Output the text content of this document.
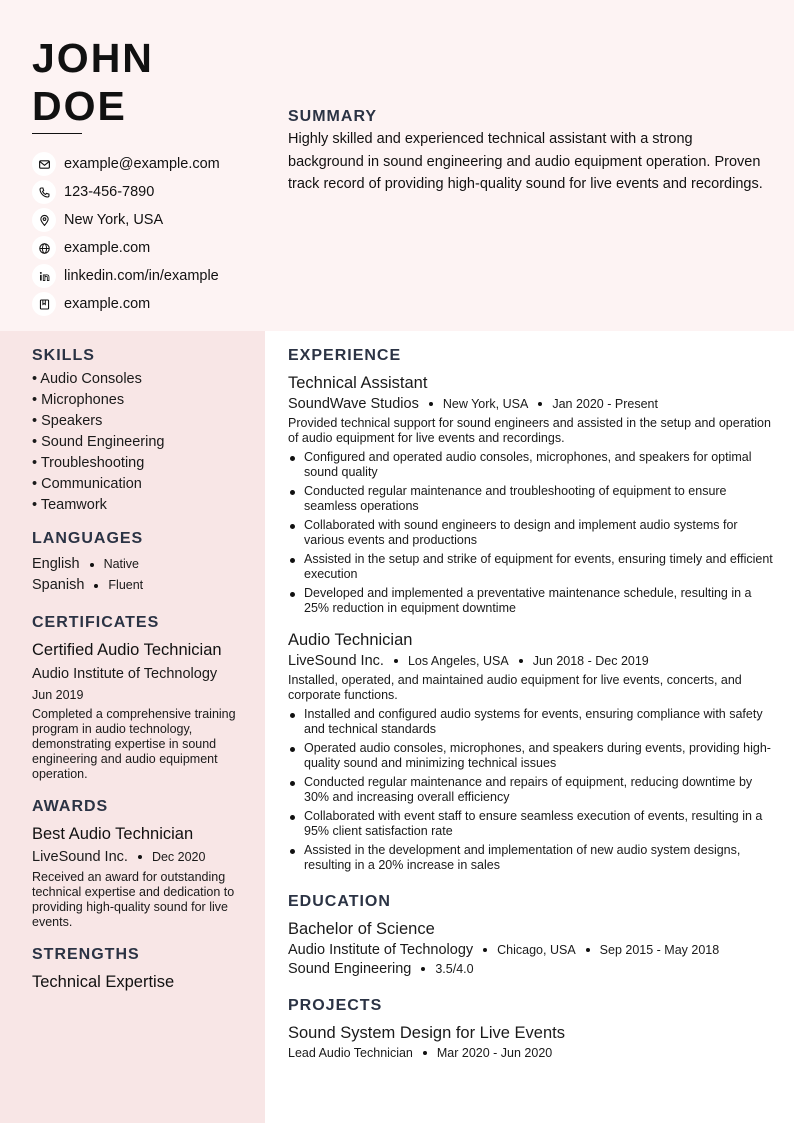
JOHN
DOE
example@example.com
123-456-7890
New York, USA
example.com
linkedin.com/in/example
example.com
SUMMARY

Highly skilled and experienced technical assistant with a strong background in sound engineering and audio equipment operation. Proven track record of providing high-quality sound for live events and recordings.

SKILLS
• Audio Consoles
• Microphones
• Speakers
• Sound Engineering
• Troubleshooting
• Communication
• Teamwork
LANGUAGES
English Native
Spanish Fluent
CERTIFICATES
Certified Audio Technician
Audio Institute of Technology
Jun 2019
Completed a comprehensive training program in audio technology, demonstrating expertise in sound engineering and audio equipment operation.
AWARDS
Best Audio Technician
LiveSound Inc. Dec 2020
Received an award for outstanding technical expertise and dedication to providing high-quality sound for live events.
STRENGTHS
Technical Expertise
EXPERIENCE
Technical Assistant
SoundWave Studios New York, USA Jan 2020 - Present
Provided technical support for sound engineers and assisted in the setup and operation of audio equipment for live events and recordings.
Configured and operated audio consoles, microphones, and speakers for optimal sound quality
Conducted regular maintenance and troubleshooting of equipment to ensure seamless operations
Collaborated with sound engineers to design and implement audio systems for various events and productions
Assisted in the setup and strike of equipment for events, ensuring timely and efficient execution
Developed and implemented a preventative maintenance schedule, resulting in a 25% reduction in equipment downtime
Audio Technician
LiveSound Inc. Los Angeles, USA Jun 2018 - Dec 2019
Installed, operated, and maintained audio equipment for live events, concerts, and corporate functions.
Installed and configured audio systems for events, ensuring compliance with safety and technical standards
Operated audio consoles, microphones, and speakers during events, providing high-quality sound and minimizing technical issues
Conducted regular maintenance and repairs of equipment, reducing downtime by 30% and increasing overall efficiency
Collaborated with event staff to ensure seamless execution of events, resulting in a 95% client satisfaction rate
Assisted in the development and implementation of new audio system designs, resulting in a 20% increase in sales
EDUCATION
Bachelor of Science
Audio Institute of Technology Chicago, USA Sep 2015 - May 2018
Sound Engineering 3.5/4.0
PROJECTS
Sound System Design for Live Events
Lead Audio Technician Mar 2020 - Jun 2020
